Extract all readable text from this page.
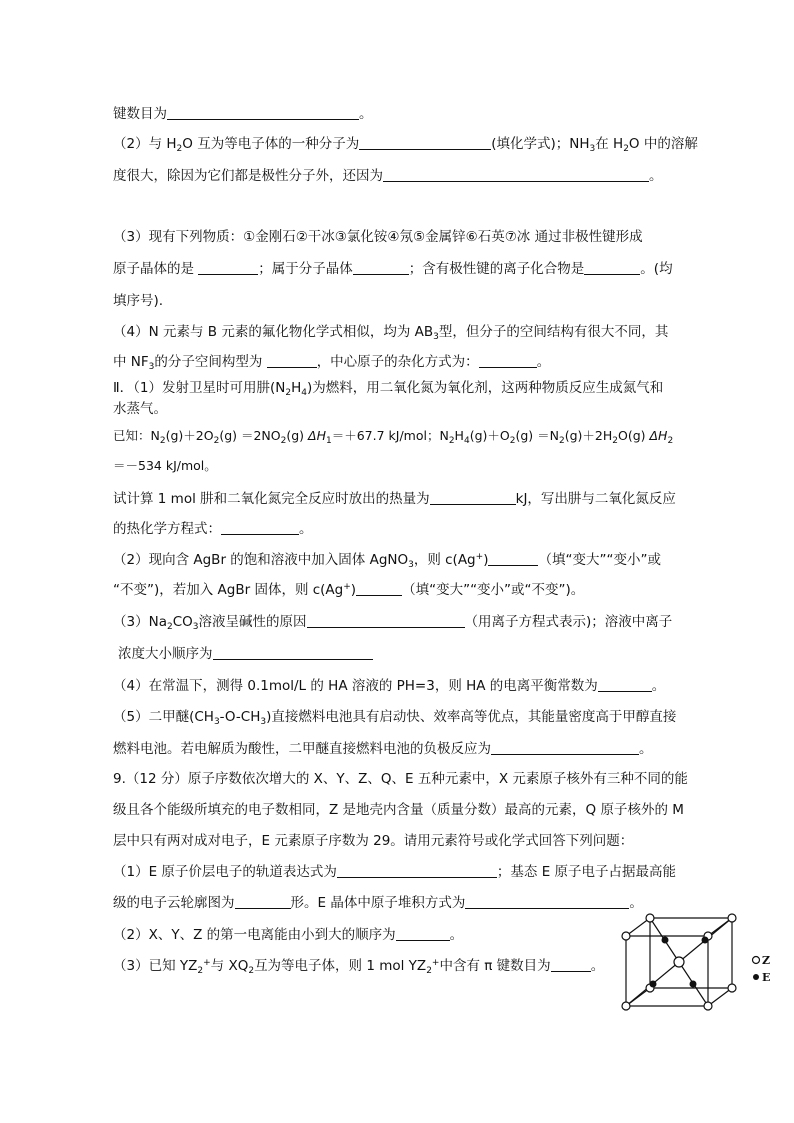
键数目为	。
（2）与 $H_2O$ 互为等电子体的一种分子为	(填化学式)；$NH_3$在 $H_2O$ 中的溶解
度很大，除因为它们都是极性分子外，还因为	。
（3）现有下列物质：①金刚石②干冰③氯化铵④氖⑤金属锌⑥石英⑦冰 通过非极性键形成
原子晶体的是	；属于分子晶体	；含有极性键的离子化合物是	。(均
填序号).
（4）N 元素与 B 元素的氟化物化学式相似，均为 $AB_3$型，但分子的空间结构有很大不同，其
中 $NF_3$的分子空间构型为	，中心原子的杂化方式为：	。
Ⅱ．（1）发射卫星时可用肼$(N_2H_4)$为燃料，用二氧化氮为氧化剂，这两种物质反应生成氮气和
水蒸气。
已知：$N_2(g)+2O_2(g) =2NO_2(g)$ $\Delta H_1=+67.7$ kJ/mol；$N_2H_4(g)+O_2(g) =N_2(g)+2H_2O(g)$ $\Delta H_2$
＝－534 kJ/mol。
试计算 1 mol 肼和二氧化氮完全反应时放出的热量为	kJ，写出肼与二氧化氮反应
的热化学方程式：	。
（2）现向含 AgBr 的饱和溶液中加入固体 AgNO$_3$，则 c(Ag+)	（填“变大”“变小”或
“不变”)，若加入 AgBr 固体，则 c(Ag+)	（填“变大”“变小”或“不变”)。
$(3)Na_2CO_3$溶液呈碱性的原因	（用离子方程式表示)；溶液中离子
浓度大小顺序为
（4）在常温下，测得 0.1mol/L 的 HA 溶液的 PH=3，则 HA 的电离平衡常数为	。
（5）二甲醚$(CH_3-O-CH_3)$直接燃料电池具有启动快、效率高等优点，其能量密度高于甲醇直接
燃料电池。若电解质为酸性，二甲醚直接燃料电池的负极反应为	。
9.（12 分）原子序数依次增大的 X、Y、Z、Q、E 五种元素中，X 元素原子核外有三种不同的能
级且各个能级所填充的电子数相同，Z 是地壳内含量（质量分数）最高的元素，Q 原子核外的 M
层中只有两对成对电子，E 元素原子序数为 29。请用元素符号或化学式回答下列问题：
（1）E 原子价层电子的轨道表达式为	；基态 E 原子电子占据最高能
级的电子云轮廓图为	形。E 晶体中原子堆积方式为	。
（2）X、Y、Z 的第一电离能由小到大的顺序为	。
（3）已知 $YZ_2^+$与 $XQ_2$互为等电子体，则 1 mol $YZ_2^+$中含有 π 键数目为	。	Z
E
